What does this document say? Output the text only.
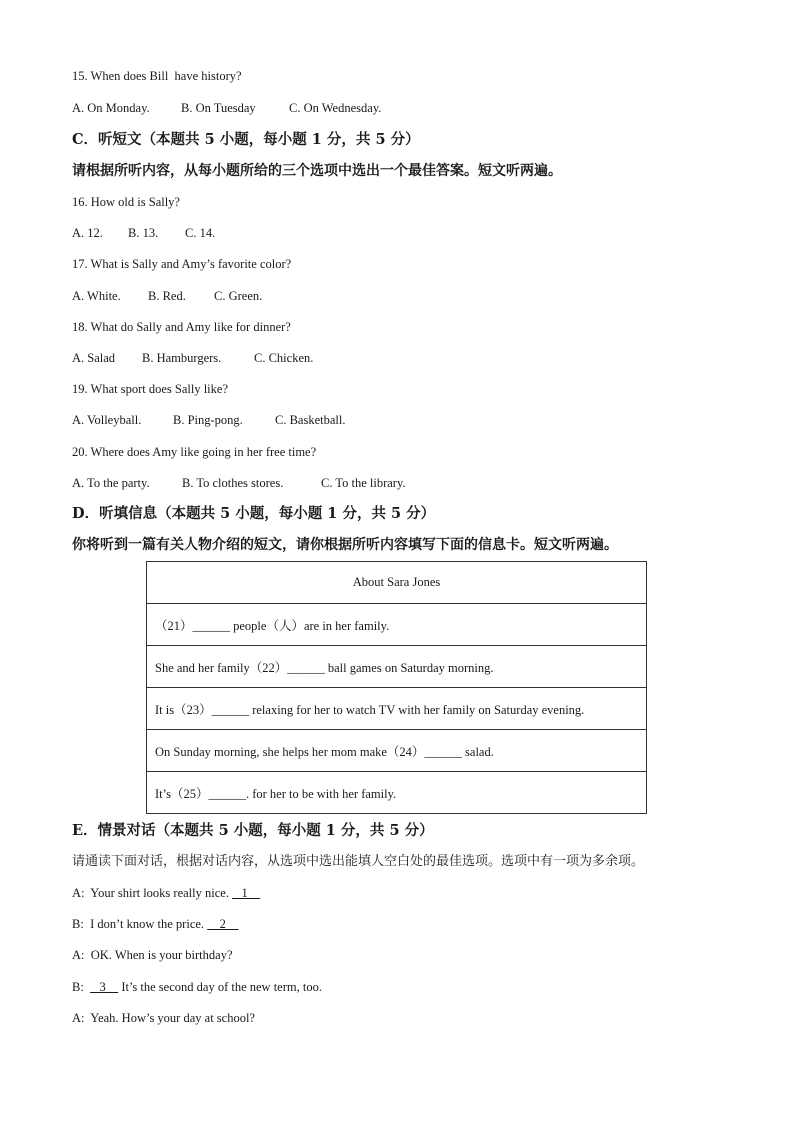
15. When does Bill  have history?
A. On Monday.	B. On Tuesday	C. On Wednesday.
C．听短文（本题共 5 小题，每小题 1 分，共 5 分）
请根据所听内容，从每小题所给的三个选项中选出一个最佳答案。短文听两遍。
16. How old is Sally?
A. 12. B. 13. C. 14.
17. What is Sally and Amy’s favorite color?
A. White. B. Red. C. Green.
18. What do Sally and Amy like for dinner?
A. Salad B. Hamburgers.	C. Chicken.
19. What sport does Sally like?
A. Volleyball.	B. Ping-pong.	C. Basketball.
20. Where does Amy like going in her free time?
A. To the party.	B. To clothes stores.	C. To the library.
D．听填信息（本题共 5 小题，每小题 1 分，共 5 分）
你将听到一篇有关人物介绍的短文，请你根据所听内容填写下面的信息卡。短文听两遍。
About Sara Jones
（21）______ people（人）are in her family.
She and her family（22）______ ball games on Saturday morning.
It is（23）______ relaxing for her to watch TV with her family on Saturday evening.
On Sunday morning, she helps her mom make（24）______ salad.
It’s（25）______. for her to be with her family.
E．情景对话（本题共 5 小题，每小题 1 分，共 5 分）
请通读下面对话，根据对话内容，从选项中选出能填人空白处的最佳选项。选项中有一项为多余项。
A: Your shirt looks really nice.    1
B: I don’t know the price.     2
A: OK. When is your birthday?
B:     3     It’s the second day of the new term, too.
A: Yeah. How’s your day at school?
